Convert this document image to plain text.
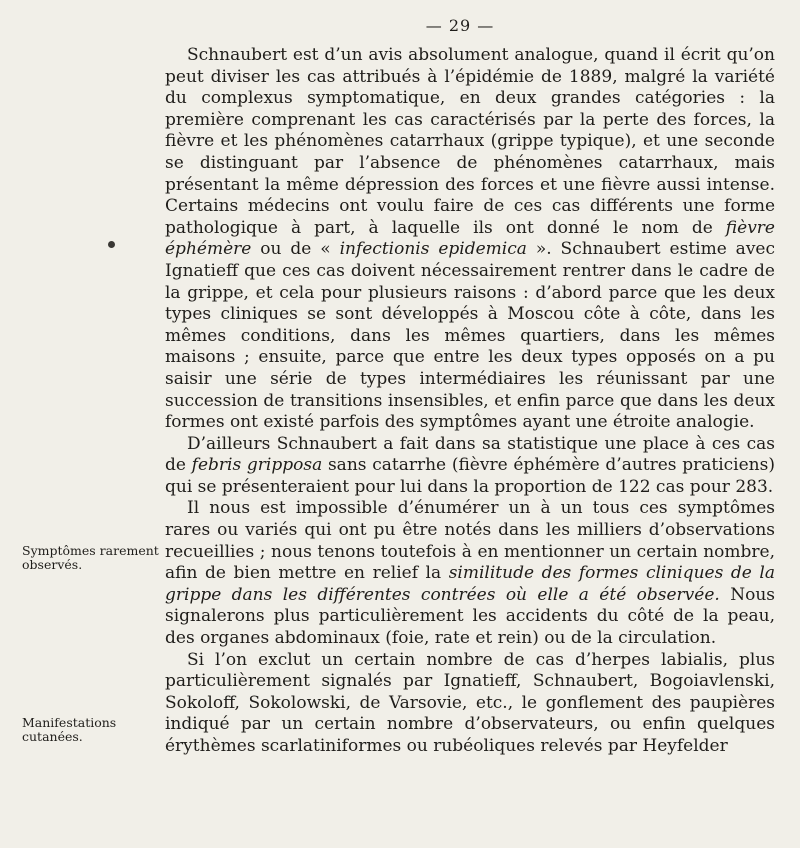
— 29 —
Symptômes rarement observés.
Manifestations cutanées.

Schnaubert est d’un avis absolument analogue, quand il écrit qu’on peut diviser les cas attribués à l’épidémie de 1889, malgré la variété du complexus symptomatique, en deux grandes catégories : la première comprenant les cas caractérisés par la perte des forces, la fièvre et les phénomènes catarrhaux (grippe typique), et une seconde se distinguant par l’absence de phénomènes catarrhaux, mais présentant la même dépression des forces et une fièvre aussi intense. Certains médecins ont voulu faire de ces cas différents une forme pathologique à part, à laquelle ils ont donné le nom de fièvre éphémère ou de « infectionis epidemica ». Schnaubert estime avec Ignatieff que ces cas doivent nécessairement rentrer dans le cadre de la grippe, et cela pour plusieurs raisons : d’abord parce que les deux types cliniques se sont développés à Moscou côte à côte, dans les mêmes conditions, dans les mêmes quartiers, dans les mêmes maisons ; ensuite, parce que entre les deux types opposés on a pu saisir une série de types intermédiaires les réunissant par une succession de transitions insensibles, et enfin parce que dans les deux formes ont existé parfois des symptômes ayant une étroite analogie.

D’ailleurs Schnaubert a fait dans sa statistique une place à ces cas de febris gripposa sans catarrhe (fièvre éphémère d’autres praticiens) qui se présenteraient pour lui dans la proportion de 122 cas pour 283.

Il nous est impossible d’énumérer un à un tous ces symptômes rares ou variés qui ont pu être notés dans les milliers d’observations recueillies ; nous tenons toutefois à en mentionner un certain nombre, afin de bien mettre en relief la similitude des formes cliniques de la grippe dans les différentes contrées où elle a été observée. Nous signalerons plus particulièrement les accidents du côté de la peau, des organes abdominaux (foie, rate et rein) ou de la circulation.

Si l’on exclut un certain nombre de cas d’herpes labialis, plus particulièrement signalés par Ignatieff, Schnaubert, Bogoiavlenski, Sokoloff, Sokolowski, de Varsovie, etc., le gonflement des paupières indiqué par un certain nombre d’observateurs, ou enfin quelques érythèmes scarlatiniformes ou rubéoliques relevés par Heyfelder
